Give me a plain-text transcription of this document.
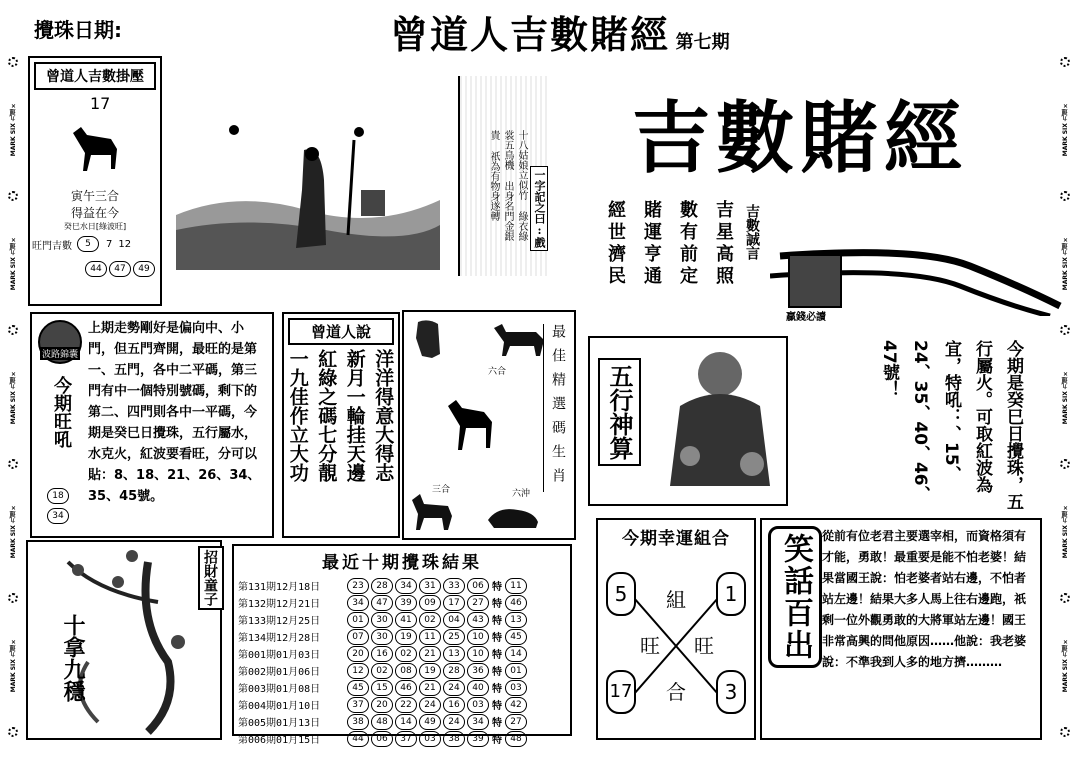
攪珠日期:	曾道人吉數賭經 第七期
MARK SIX 九運×
MARK SIX 九運×
MARK SIX 九運×
MARK SIX 九運×
MARK SIX 九運×
MARK SIX 九運×
MARK SIX 九運×
MARK SIX 九運×
MARK SIX 九運×
MARK SIX 九運×
曾道人吉數掛壓
17
寅午三合
得益在今
癸巳水日[綠波旺]
旺門吉數	5	7 12
44 47 49
十八姑娘立似竹 綠衣綠裳五鳥機 出身名門金銀貴 祇為有物身遂轉	一字記之曰:戲
吉數賭經
吉數誠言
贏錢必讀
吉星高照
數有前定
賭運亨通
經世濟民
波路錦囊
今期旺吼
18
34
上期走勢剛好是偏向中、小門，但五門齊開，最旺的是第一、五門，各中二平碼，第三門有中一個特別號碼，剩下的第二、四門則各中一平碼，今期是癸巳日攪珠，五行屬水，水克火，紅波要看旺，分可以貼：8、18、21、26、34、35、45號。
曾道人說
洋洋得意大得志
新月一輪挂天邊
紅綠之碼七分靚
一九佳作立大功	六合
三合	六沖
最佳精選碼生肖 五行神算	今期是癸巳日攪珠，五行屬火。可取紅波為宜，特吼：、15、24、35、40、46、47號！
十拿九穩
招財童子	最近十期攪珠結果
第131期12月18日	23	28	34	31	33	06 特 11
第132期12月21日	34	47	39	09	17	27 特 46
第133期12月25日	01	30	41	02	04	43 特 13
第134期12月28日	07	30	19	11	25	10 特 45
第001期01月03日	20	16	02	21	13	10 特 14
第002期01月06日	12	02	08	19	28	36 特 01
第003期01月08日	45	15	46	21	24	40 特 03
第004期01月10日	37	20	22	24	16	03 特 42
第005期01月13日	38	48	14	49	24	34 特 27
第006期01月15日	44	06	37	03	38	39 特 48
今期幸運組合
5	1
17	3
組
合
旺 旺	笑話百出 從前有位老君主要選宰相，而資格須有才能，勇敢！最重要是能不怕老婆！結果當國王說：怕老婆者站右邊，不怕者站左邊！結果大多人馬上往右邊跑，祇剩一位外觀勇敢的大將軍站左邊！國王非常高興的問他原因……他說：我老婆說：不準我到人多的地方擠………
